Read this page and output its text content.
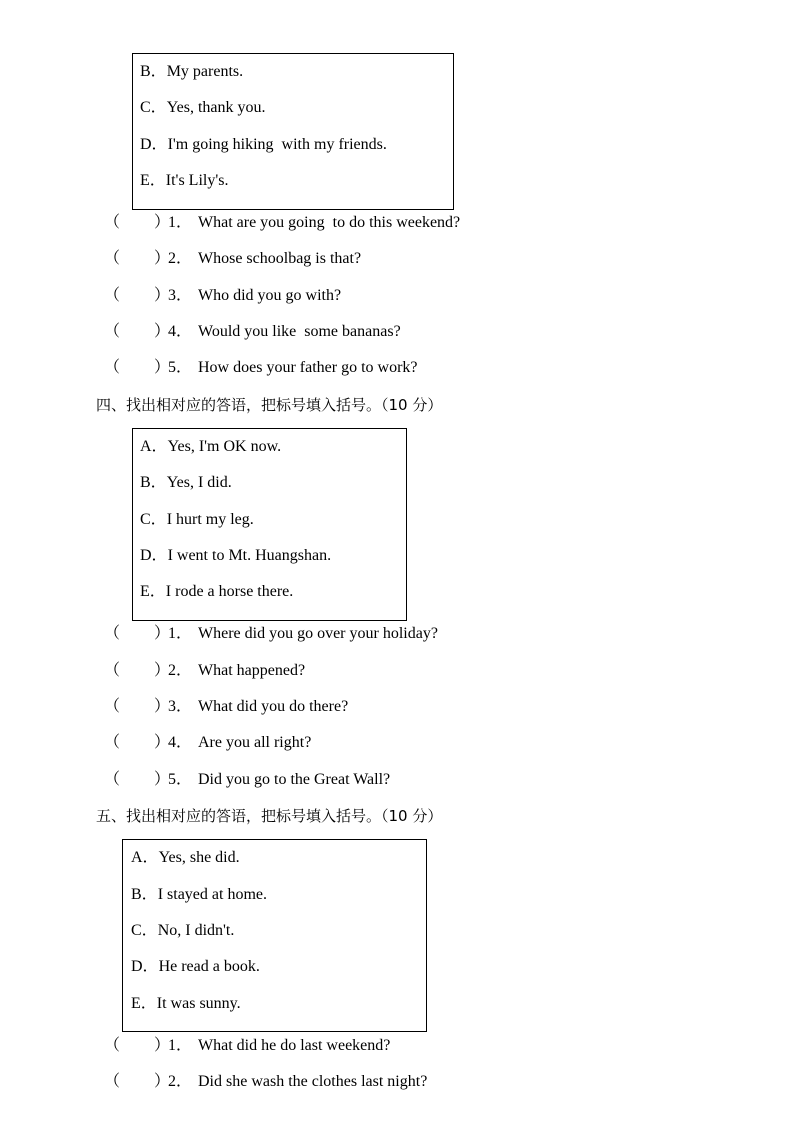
B．My parents.
C．Yes, thank you.
D．I'm going hiking  with my friends.
E．It's Lily's.
（ ）1． What are you going  to do this weekend?
（ ）2． Whose schoolbag is that?
（ ）3． Who did you go with?
（ ）4． Would you like  some bananas?
（ ）5． How does your father go to work?
四、找出相对应的答语，把标号填入括号。（10 分）
A．Yes, I'm OK now.
B．Yes, I did.
C．I hurt my leg.
D．I went to Mt. Huangshan.
E．I rode a horse there.
（ ）1． Where did you go over your holiday?
（ ）2． What happened?
（ ）3． What did you do there?
（ ）4． Are you all right?
（ ）5． Did you go to the Great Wall?
五、找出相对应的答语，把标号填入括号。（10 分）
A．Yes, she did.
B．I stayed at home.
C．No, I didn't.
D．He read a book.
E．It was sunny.
（ ）1． What did he do last weekend?
（ ）2． Did she wash the clothes last night?
